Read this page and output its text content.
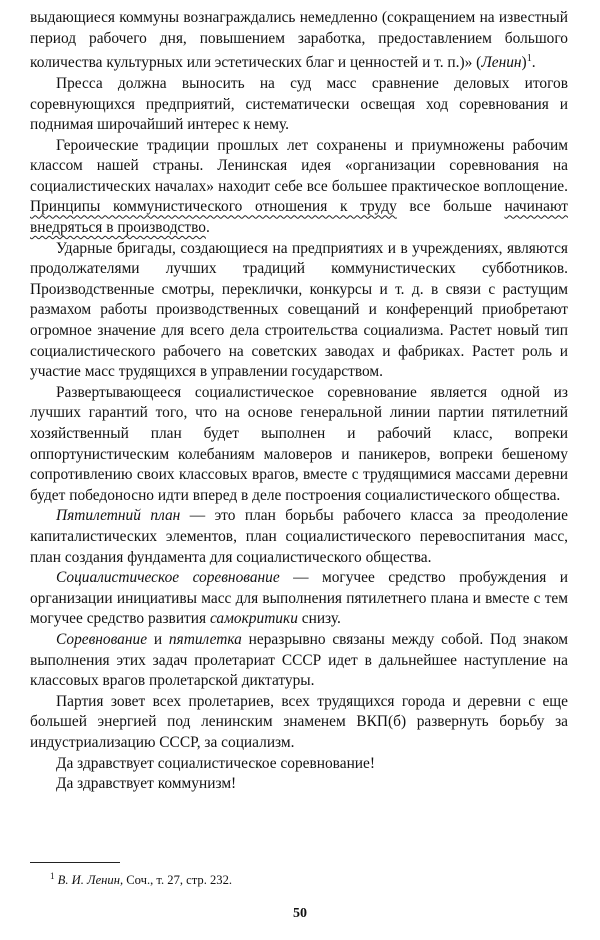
выдающиеся коммуны вознаграждались немедленно (сокращением на известный период рабочего дня, повышением заработка, предоставлением большого количества культурных или эстетических благ и ценностей и т. п.)» (Ленин)$^1$.

Пресса должна выносить на суд масс сравнение деловых итогов соревнующихся предприятий, систематически освещая ход соревнования и поднимая широчайший интерес к нему.

Героические традиции прошлых лет сохранены и приумножены рабочим классом нашей страны. Ленинская идея «организации соревнования на социалистических началах» находит себе все большее практическое воплощение. Принципы коммунистического отношения к труду все больше начинают внедряться в производство.

Ударные бригады, создающиеся на предприятиях и в учреждениях, являются продолжателями лучших традиций коммунистических субботников. Производственные смотры, переклички, конкурсы и т. д. в связи с растущим размахом работы производственных совещаний и конференций приобретают огромное значение для всего дела строительства социализма. Растет новый тип социалистического рабочего на советских заводах и фабриках. Растет роль и участие масс трудящихся в управлении государством.

Развертывающееся социалистическое соревнование является одной из лучших гарантий того, что на основе генеральной линии партии пятилетний хозяйственный план будет выполнен и рабочий класс, вопреки оппортунистическим колебаниям маловеров и паникеров, вопреки бешеному сопротивлению своих классовых врагов, вместе с трудящимися массами деревни будет победоносно идти вперед в деле построения социалистического общества.

Пятилетний план — это план борьбы рабочего класса за преодоление капиталистических элементов, план социалистического перевоспитания масс, план создания фундамента для социалистического общества.

Социалистическое соревнование — могучее средство пробуждения и организации инициативы масс для выполнения пятилетнего плана и вместе с тем могучее средство развития самокритики снизу.

Соревнование и пятилетка неразрывно связаны между собой. Под знаком выполнения этих задач пролетариат СССР идет в дальнейшее наступление на классовых врагов пролетарской диктатуры.

Партия зовет всех пролетариев, всех трудящихся города и деревни с еще большей энергией под ленинским знаменем ВКП(б) развернуть борьбу за индустриализацию СССР, за социализм.

Да здравствует социалистическое соревнование!

Да здравствует коммунизм!

$^1$ В. И. Ленин, Соч., т. 27, стр. 232.
50
